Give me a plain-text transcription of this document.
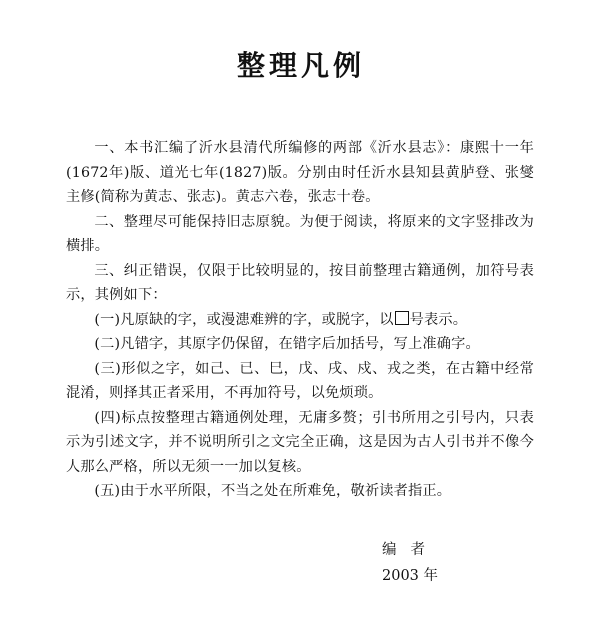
整理凡例

一、本书汇编了沂水县清代所编修的两部《沂水县志》：康熙十一年(1672年)版、道光七年(1827)版。分别由时任沂水县知县黄胪登、张燮主修(简称为黄志、张志)。黄志六卷，张志十卷。

二、整理尽可能保持旧志原貌。为便于阅读，将原来的文字竖排改为横排。

三、纠正错误，仅限于比较明显的，按目前整理古籍通例，加符号表示，其例如下：

(一)凡原缺的字，或漫漶难辨的字，或脱字，以 号表示。

(二)凡错字，其原字仍保留，在错字后加括号，写上准确字。

(三)形似之字，如己、已、巳，戊、戌、戍、戎之类，在古籍中经常混淆，则择其正者采用，不再加符号，以免烦琐。

(四)标点按整理古籍通例处理，无庸多赘；引书所用之引号内，只表示为引述文字，并不说明所引之文完全正确，这是因为古人引书并不像今人那么严格，所以无须一一加以复核。

(五)由于水平所限，不当之处在所难免，敬祈读者指正。

编者
2003 年
